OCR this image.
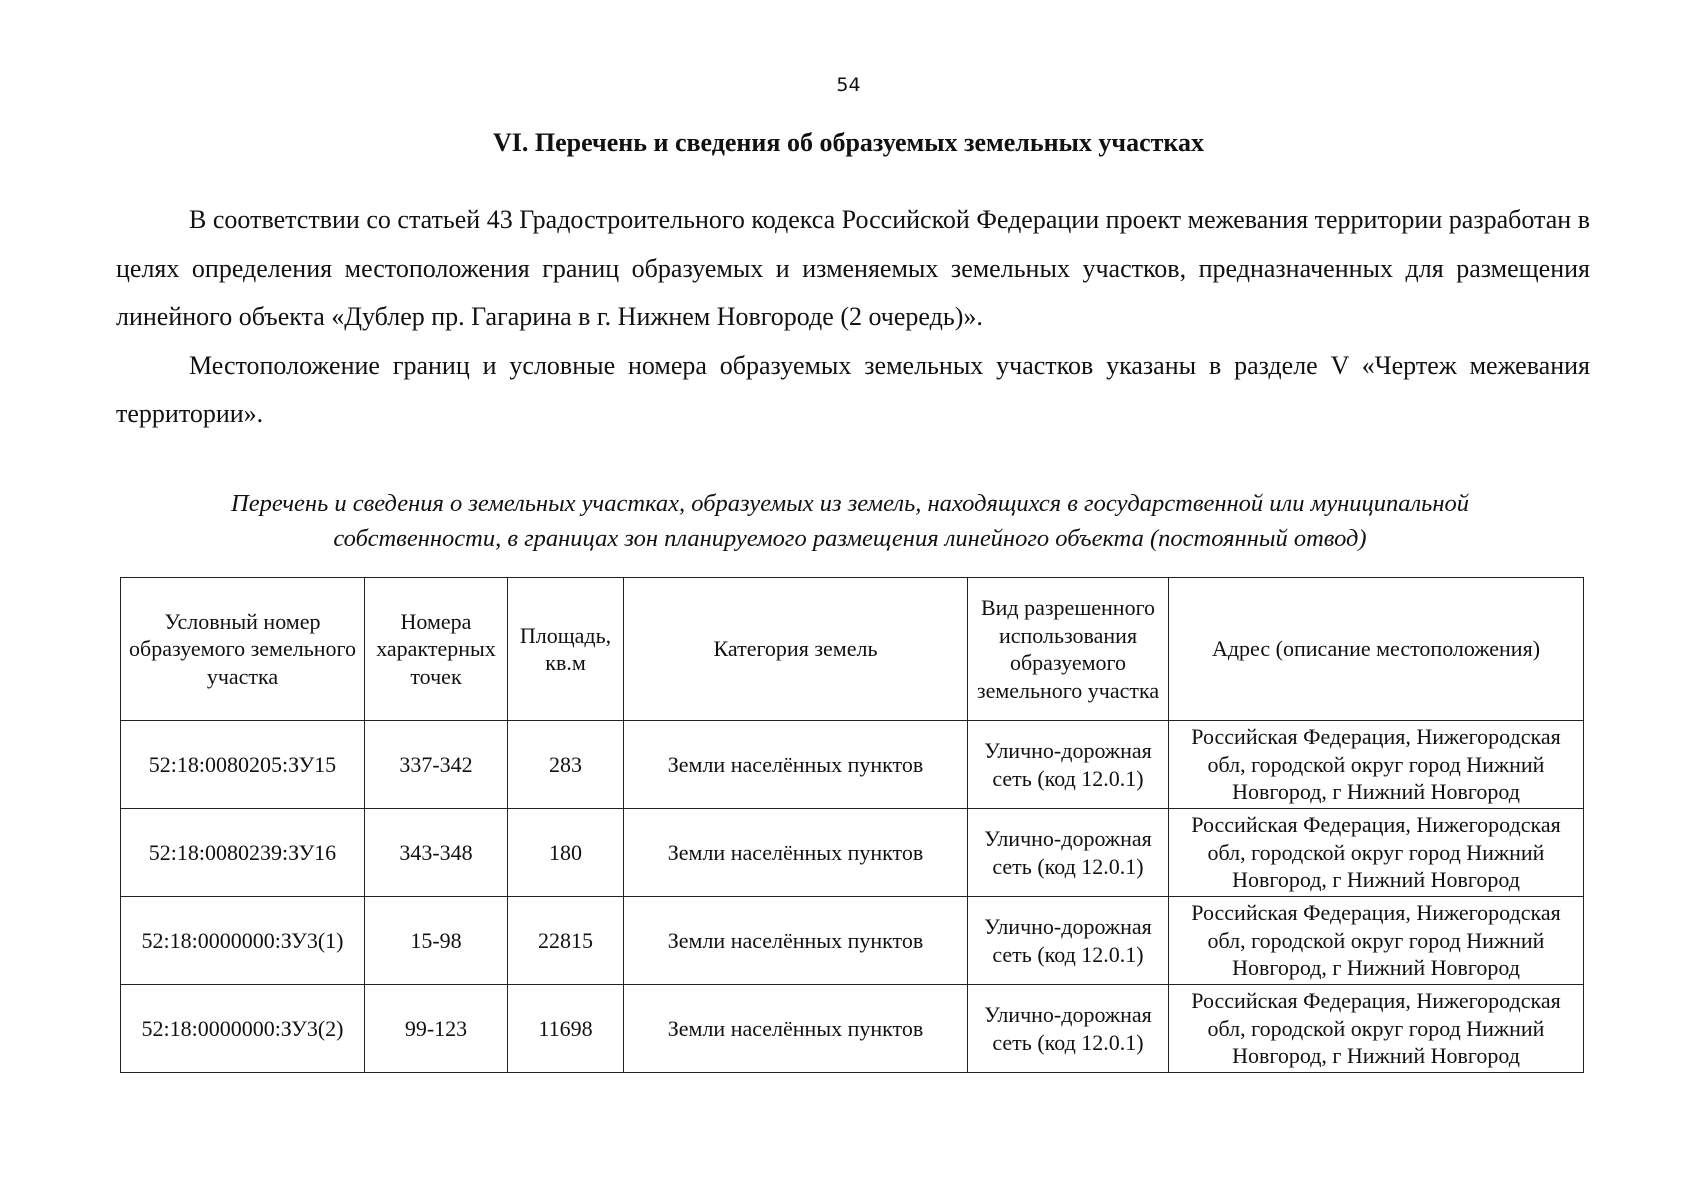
54
VI. Перечень и сведения об образуемых земельных участках

В соответствии со статьей 43 Градостроительного кодекса Российской Федерации проект межевания территории разработан в целях определения местоположения границ образуемых и изменяемых земельных участков, предназначенных для размещения линейного объекта «Дублер пр. Гагарина в г. Нижнем Новгороде (2 очередь)».

Местоположение границ и условные номера образуемых земельных участков указаны в разделе V «Чертеж межевания территории».

Перечень и сведения о земельных участках, образуемых из земель, находящихся в государственной или муниципальной
собственности, в границах зон планируемого размещения линейного объекта (постоянный отвод)
Условный номер образуемого земельного участка	Номера характерных точек	Площадь, кв.м	Категория земель	Вид разрешенного использования образуемого земельного участка	Адрес (описание местоположения)
52:18:0080205:ЗУ15	337-342	283	Земли населённых пунктов	Улично-дорожная сеть (код 12.0.1)	Российская Федерация, Нижегородская
обл, городской округ город Нижний
Новгород, г Нижний Новгород

52:18:0080239:ЗУ16	343-348	180	Земли населённых пунктов	Улично-дорожная сеть (код 12.0.1)	Российская Федерация, Нижегородская
обл, городской округ город Нижний
Новгород, г Нижний Новгород

52:18:0000000:ЗУ3(1)	15-98	22815	Земли населённых пунктов	Улично-дорожная сеть (код 12.0.1)	Российская Федерация, Нижегородская
обл, городской округ город Нижний
Новгород, г Нижний Новгород

52:18:0000000:ЗУ3(2)	99-123	11698	Земли населённых пунктов	Улично-дорожная сеть (код 12.0.1)	Российская Федерация, Нижегородская
обл, городской округ город Нижний
Новгород, г Нижний Новгород
